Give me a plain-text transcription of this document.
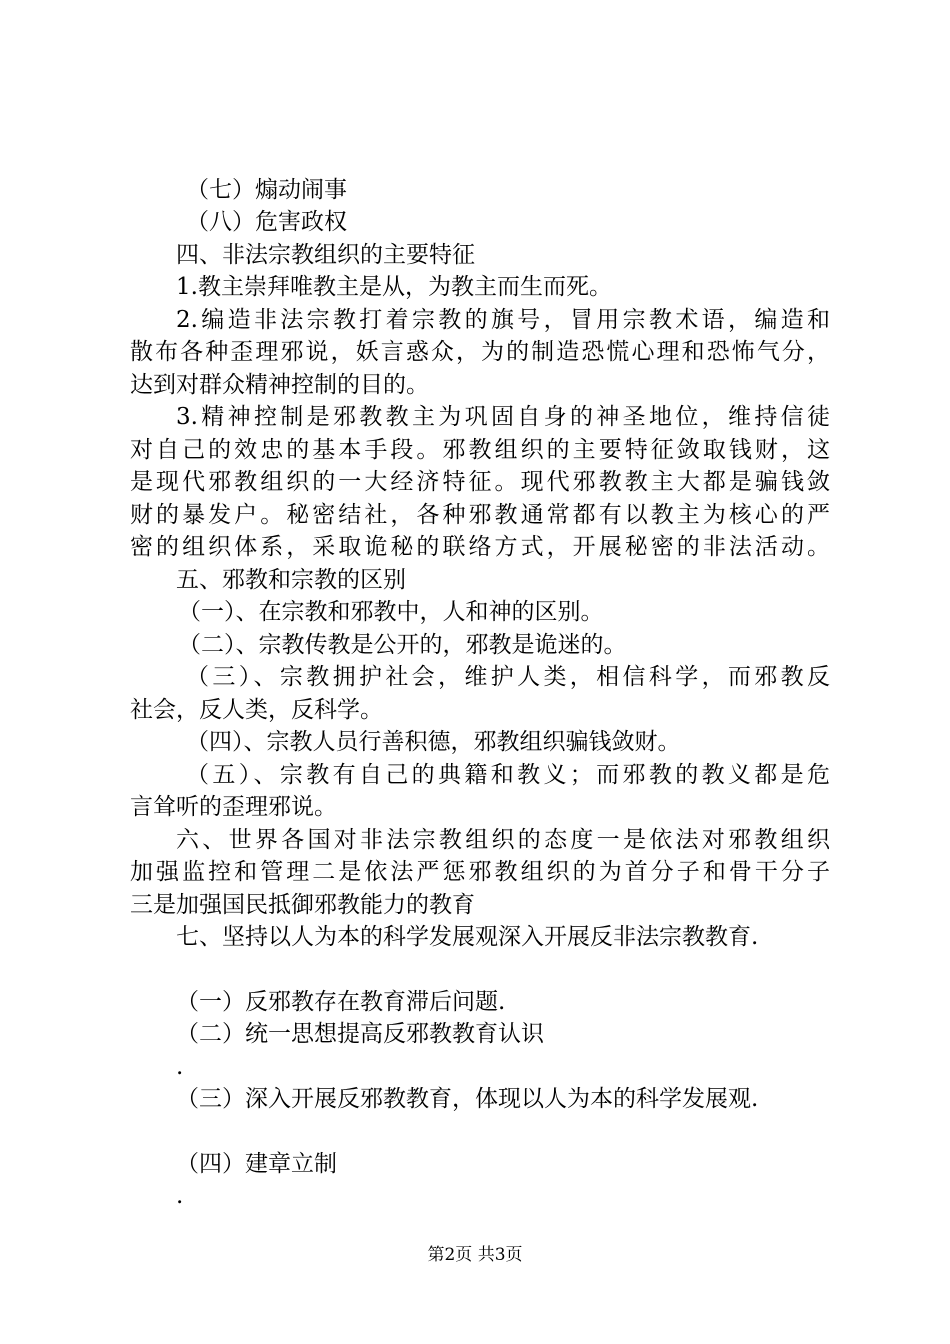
（七）煽动闹事
（八）危害政权
四、非法宗教组织的主要特征
1.教主崇拜唯教主是从，为教主而生而死。
2.编造非法宗教打着宗教的旗号，冒用宗教术语，编造和
散布各种歪理邪说，妖言惑众，为的制造恐慌心理和恐怖气分，
达到对群众精神控制的目的。
3.精神控制是邪教教主为巩固自身的神圣地位，维持信徒
对自己的效忠的基本手段。邪教组织的主要特征敛取钱财，这
是现代邪教组织的一大经济特征。现代邪教教主大都是骗钱敛
财的暴发户。秘密结社，各种邪教通常都有以教主为核心的严
密的组织体系，采取诡秘的联络方式，开展秘密的非法活动。
五、邪教和宗教的区别
（一）、在宗教和邪教中，人和神的区别。
（二）、宗教传教是公开的，邪教是诡迷的。
（三）、宗教拥护社会，维护人类，相信科学，而邪教反
社会，反人类，反科学。
（四）、宗教人员行善积德，邪教组织骗钱敛财。
（五）、宗教有自己的典籍和教义；而邪教的教义都是危
言耸听的歪理邪说。
六、世界各国对非法宗教组织的态度一是依法对邪教组织
加强监控和管理二是依法严惩邪教组织的为首分子和骨干分子
三是加强国民抵御邪教能力的教育
七、坚持以人为本的科学发展观深入开展反非法宗教教育.
（一）反邪教存在教育滞后问题.
（二）统一思想提高反邪教教育认识
.
（三）深入开展反邪教教育，体现以人为本的科学发展观.
（四）建章立制
.
第2页 共3页
